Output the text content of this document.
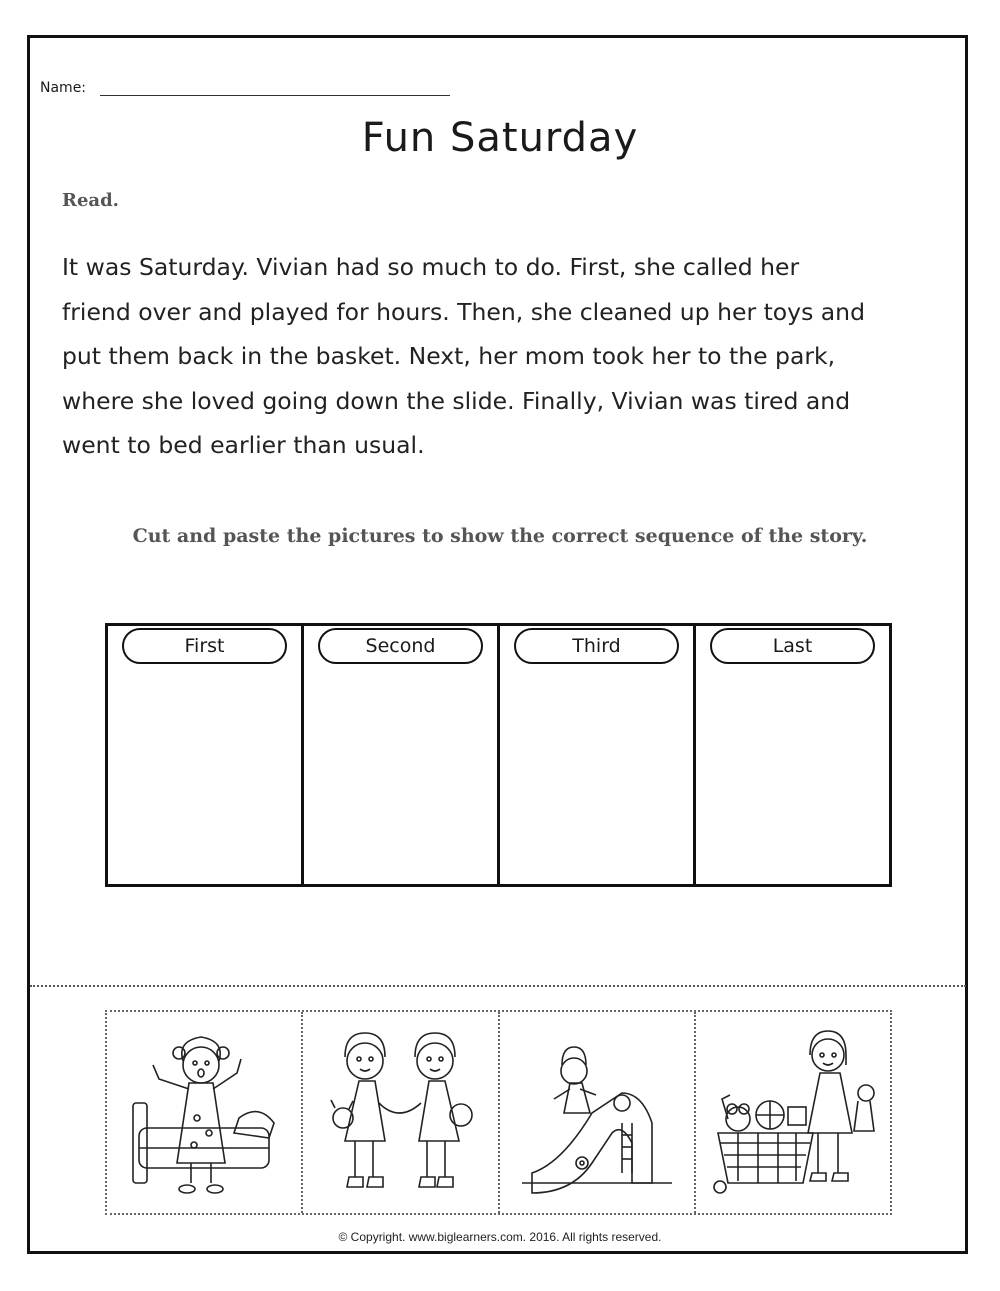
Name:
Fun Saturday
Read.
It was Saturday. Vivian had so much to do. First, she called her
friend over and played for hours. Then, she cleaned up her toys and
put them back in the basket. Next, her mom took her to the park,
where she loved going down the slide. Finally, Vivian was tired and
went to bed earlier than usual.
Cut and paste the pictures to show the correct sequence of the story.
First	Second	Third	Last
© Copyright. www.biglearners.com. 2016. All rights reserved.
